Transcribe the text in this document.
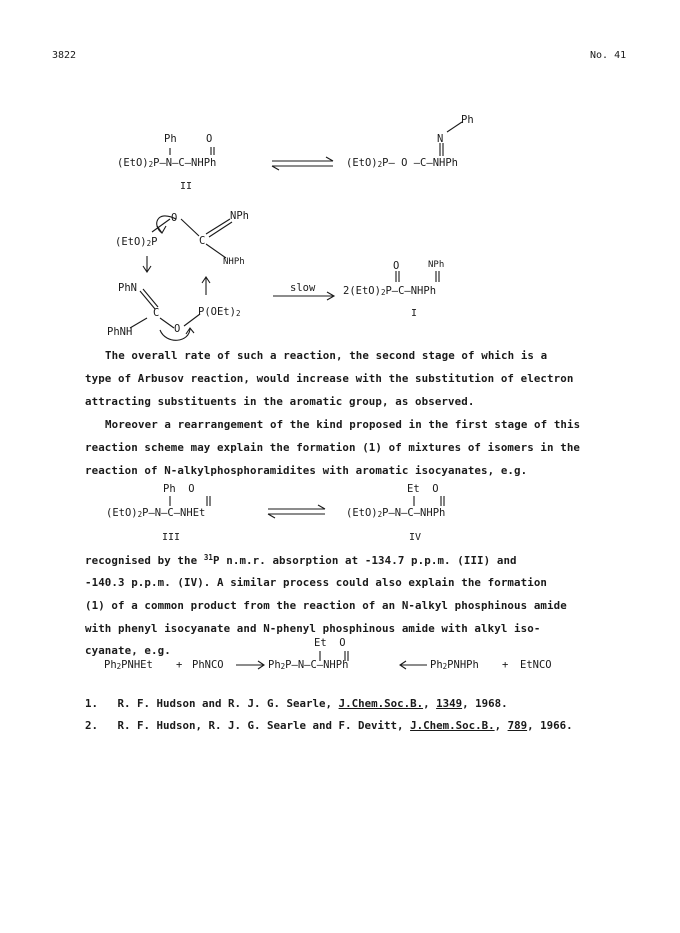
3822	No. 41
Ph	O
$(EtO)_2P—N—C—NHPh$
II
Ph
N
$(EtO)_2P—$ O —C—NHPh
O	NPh
C
$(EtO)_2P$
NHPh
PhN
C	$P(OEt)_2$
PhNH	O
slow
O	NPh
$2(EtO)_2P—C—NHPh$
I
The overall rate of such a reaction, the second stage of which is a
type of Arbusov reaction, would increase with the substitution of electron
attracting substituents in the aromatic group, as observed.
Moreover a rearrangement of the kind proposed in the first stage of this
reaction scheme may explain the formation (1) of mixtures of isomers in the
reaction of N-alkylphosphoramidites with aromatic isocyanates, e.g.
Ph  O
$(EtO)_2P—N—C—NHEt$
III
Et  O
$(EtO)_2P—N—C—NHPh$
IV
recognised by the $^{31}$P n.m.r. absorption at -134.7 p.p.m. (III) and
-140.3 p.p.m. (IV). A similar process could also explain the formation
(1) of a common product from the reaction of an N-alkyl phosphinous amide
with phenyl isocyanate and N-phenyl phosphinous amide with alkyl iso-
cyanate, e.g.
Et  O
$Ph_2PNHEt$ + PhNCO	$Ph_2P—N—C—NHPh$	$Ph_2PNHPh$ + EtNCO
1. R. F. Hudson and R. J. G. Searle, J.Chem.Soc.B., 1349, 1968.
2. R. F. Hudson, R. J. G. Searle and F. Devitt, J.Chem.Soc.B., 789, 1966.
